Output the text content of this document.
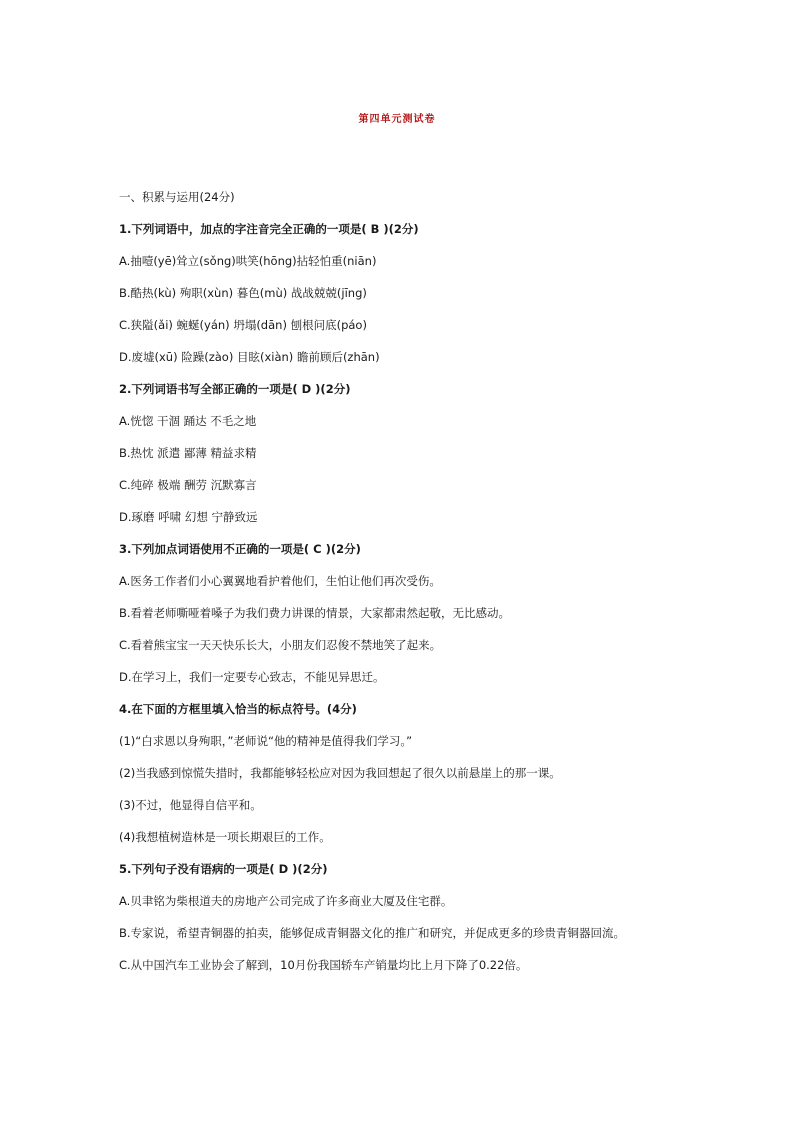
第四单元测试卷
一、积累与运用(24分)
1.下列词语中，加点的字注音完全正确的一项是( B )(2分)
A.抽噎(yē)耸立(sǒng)哄笑(hōng)拈轻怕重(niān)
B.酷热(kù) 殉职(xùn) 暮色(mù) 战战兢兢(jīng)
C.狭隘(ǎi) 蜿蜒(yán) 坍塌(dān) 刨根问底(páo)
D.废墟(xū) 险躁(zào) 目眩(xiàn) 瞻前顾后(zhān)
2.下列词语书写全部正确的一项是( D )(2分)
A.恍惚 干涸 踊达 不毛之地
B.热忱 派遣 鄙薄 精益求精
C.纯碎 极端 酬劳 沉默寡言
D.琢磨 呼啸 幻想 宁静致远
3.下列加点词语使用不正确的一项是( C )(2分)
A.医务工作者们小心翼翼地看护着他们，生怕让他们再次受伤。
B.看着老师嘶哑着嗓子为我们费力讲课的情景，大家都肃然起敬，无比感动。
C.看着熊宝宝一天天快乐长大，小朋友们忍俊不禁地笑了起来。
D.在学习上，我们一定要专心致志，不能见异思迁。
4.在下面的方框里填入恰当的标点符号。(4分)
(1)“白求恩以身殉职，”老师说“他的精神是值得我们学习。”
(2)当我感到惊慌失措时，我都能够轻松应对因为我回想起了很久以前悬崖上的那一课。
(3)不过，他显得自信平和。
(4)我想植树造林是一项长期艰巨的工作。
5.下列句子没有语病的一项是( D )(2分)
A.贝聿铭为柴根道夫的房地产公司完成了许多商业大厦及住宅群。
B.专家说，希望青铜器的拍卖，能够促成青铜器文化的推广和研究，并促成更多的珍贵青铜器回流。
C.从中国汽车工业协会了解到，10月份我国轿车产销量均比上月下降了0.22倍。
